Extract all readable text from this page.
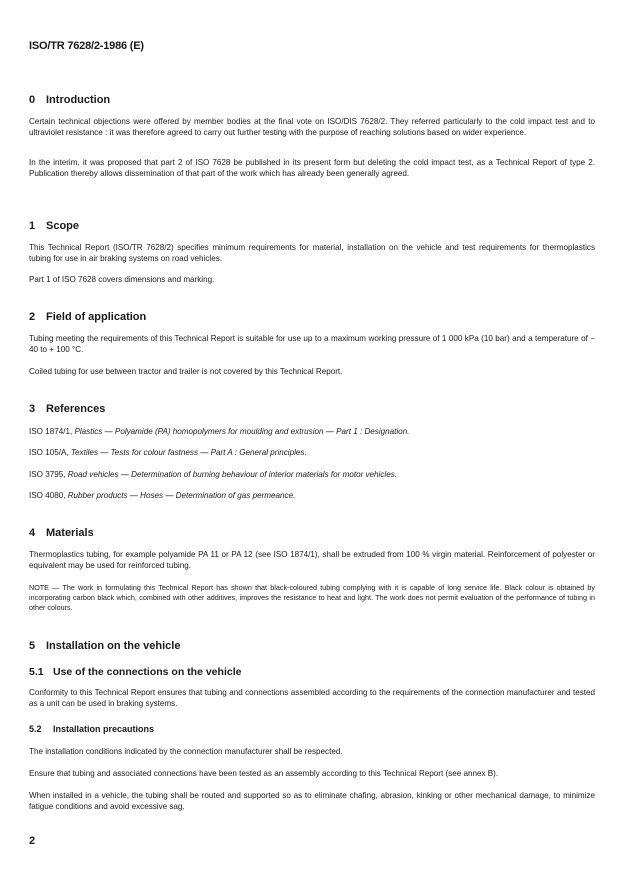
ISO/TR 7628/2-1986 (E)
0 Introduction
Certain technical objections were offered by member bodies at the final vote on ISO/DIS 7628/2. They referred particularly to the cold impact test and to ultraviolet resistance : it was therefore agreed to carry out further testing with the purpose of reaching solutions based on wider experience.
In the interim, it was proposed that part 2 of ISO 7628 be published in its present form but deleting the cold impact test, as a Technical Report of type 2. Publication thereby allows dissemination of that part of the work which has already been generally agreed.
1 Scope
This Technical Report (ISO/TR 7628/2) specifies minimum requirements for material, installation on the vehicle and test requirements for thermoplastics tubing for use in air braking systems on road vehicles.
Part 1 of ISO 7628 covers dimensions and marking.
2 Field of application
Tubing meeting the requirements of this Technical Report is suitable for use up to a maximum working pressure of 1 000 kPa (10 bar) and a temperature of − 40 to + 100 °C.
Coiled tubing for use between tractor and trailer is not covered by this Technical Report.
3 References
ISO 1874/1, Plastics — Polyamide (PA) homopolymers for moulding and extrusion — Part 1 : Designation.
ISO 105/A, Textiles — Tests for colour fastness — Part A : General principles.
ISO 3795, Road vehicles — Determination of burning behaviour of interior materials for motor vehicles.
ISO 4080, Rubber products — Hoses — Determination of gas permeance.
4 Materials
Thermoplastics tubing, for example polyamide PA 11 or PA 12 (see ISO 1874/1), shall be extruded from 100 % virgin material. Reinforcement of polyester or equivalent may be used for reinforced tubing.
NOTE — The work in formulating this Technical Report has shown that black-coloured tubing complying with it is capable of long service life. Black colour is obtained by incorporating carbon black which, combined with other additives, improves the resistance to heat and light. The work does not permit evaluation of the performance of tubing in other colours.
5 Installation on the vehicle
5.1 Use of the connections on the vehicle
Conformity to this Technical Report ensures that tubing and connections assembled according to the requirements of the connection manufacturer and tested as a unit can be used in braking systems.
5.2 Installation precautions
The installation conditions indicated by the connection manufacturer shall be respected.
Ensure that tubing and associated connections have been tested as an assembly according to this Technical Report (see annex B).
When installed in a vehicle, the tubing shall be routed and supported so as to eliminate chafing, abrasion, kinking or other mechanical damage, to minimize fatigue conditions and avoid excessive sag.
2
